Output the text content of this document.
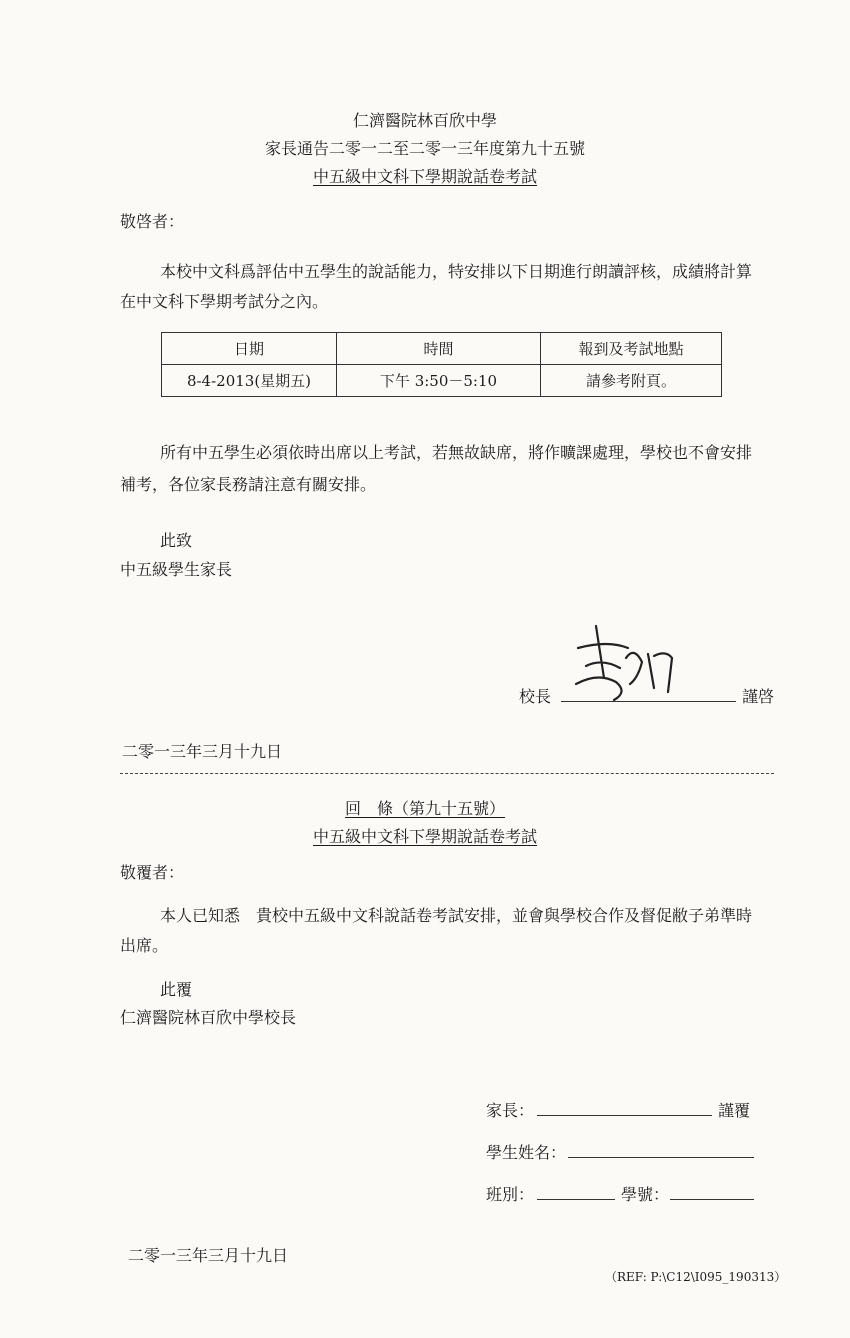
仁濟醫院林百欣中學
家長通告二零一二至二零一三年度第九十五號
中五級中文科下學期說話卷考試
敬啓者：
本校中文科爲評估中五學生的說話能力，特安排以下日期進行朗讀評核，成績將計算
在中文科下學期考試分之內。
日期	時間	報到及考試地點
8-4-2013(星期五)	下午 3:50－5:10	請參考附頁。
所有中五學生必須依時出席以上考試，若無故缺席，將作曠課處理，學校也不會安排
補考，各位家長務請注意有關安排。
此致
中五級學生家長
校長	謹啓
二零一三年三月十九日
回　條（第九十五號）
中五級中文科下學期說話卷考試
敬覆者：
本人已知悉　貴校中五級中文科說話卷考試安排，並會與學校合作及督促敝子弟準時
出席。
此覆
仁濟醫院林百欣中學校長
家長：	謹覆
學生姓名：
班別：	學號：
二零一三年三月十九日
（REF: P:\C12\I095_190313）
